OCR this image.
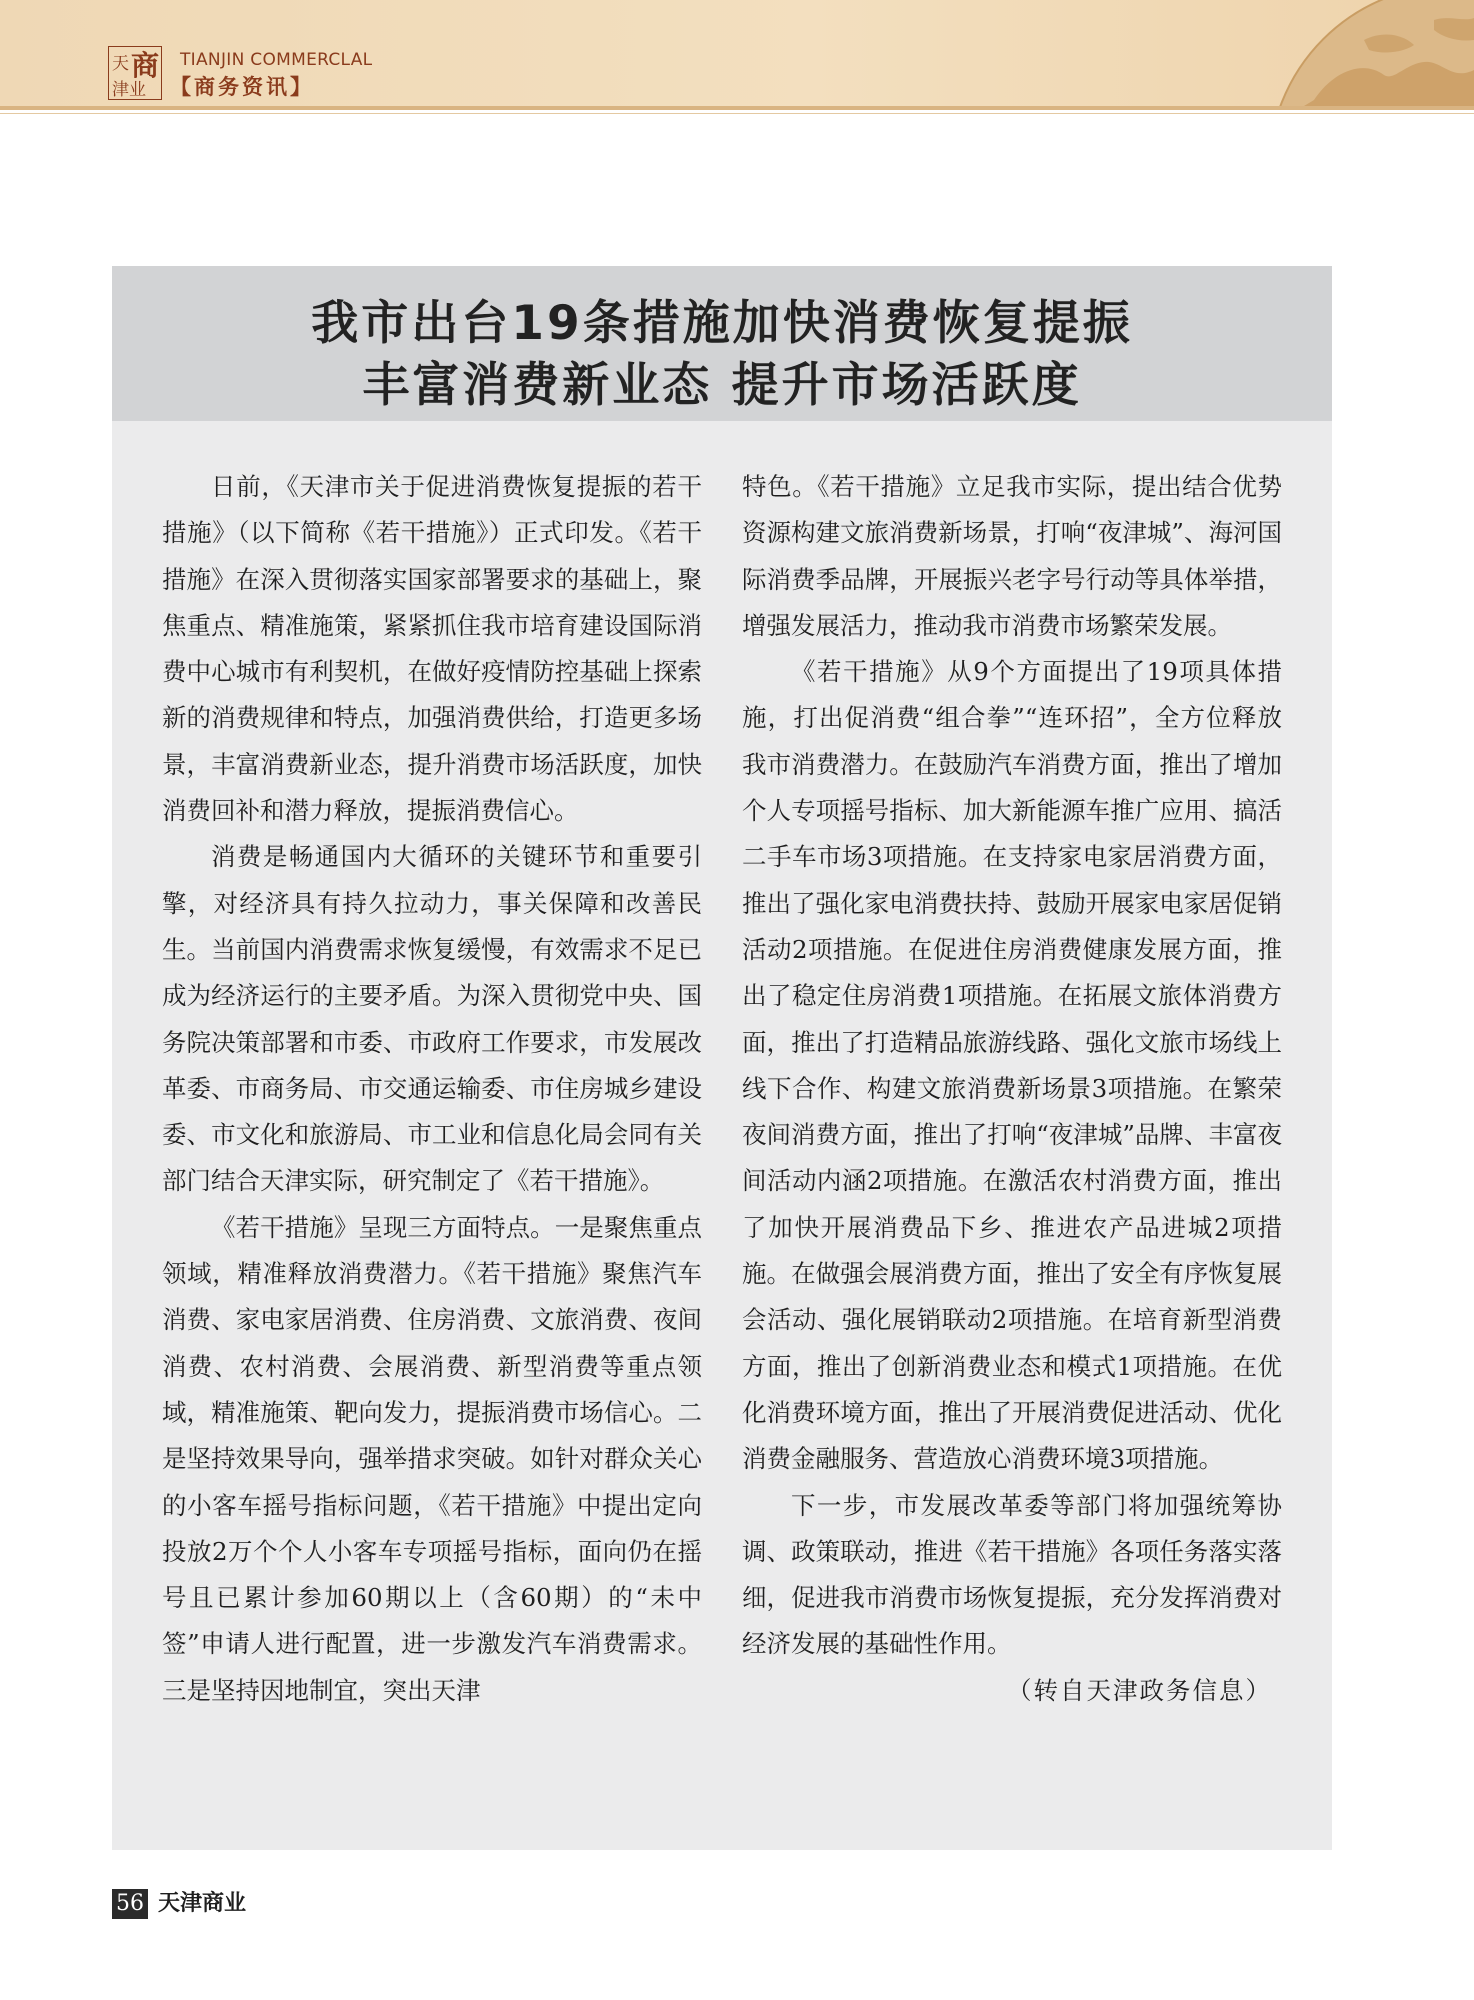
天 商
津业
TIANJIN COMMERCLAL
【商务资讯】
我市出台19条措施加快消费恢复提振
丰富消费新业态 提升市场活跃度

日前，《天津市关于促进消费恢复提振的若干措施》（以下简称《若干措施》）正式印发。《若干措施》在深入贯彻落实国家部署要求的基础上，聚焦重点、精准施策，紧紧抓住我市培育建设国际消费中心城市有利契机，在做好疫情防控基础上探索新的消费规律和特点，加强消费供给，打造更多场景，丰富消费新业态，提升消费市场活跃度，加快消费回补和潜力释放，提振消费信心。

消费是畅通国内大循环的关键环节和重要引擎，对经济具有持久拉动力，事关保障和改善民生。当前国内消费需求恢复缓慢，有效需求不足已成为经济运行的主要矛盾。为深入贯彻党中央、国务院决策部署和市委、市政府工作要求，市发展改革委、市商务局、市交通运输委、市住房城乡建设委、市文化和旅游局、市工业和信息化局会同有关部门结合天津实际，研究制定了《若干措施》。

《若干措施》呈现三方面特点。一是聚焦重点领域，精准释放消费潜力。《若干措施》聚焦汽车消费、家电家居消费、住房消费、文旅消费、夜间消费、农村消费、会展消费、新型消费等重点领域，精准施策、靶向发力，提振消费市场信心。二是坚持效果导向，强举措求突破。如针对群众关心的小客车摇号指标问题，《若干措施》中提出定向投放2万个个人小客车专项摇号指标，面向仍在摇号且已累计参加60期以上（含60期）的“未中签”申请人进行配置，进一步激发汽车消费需求。三是坚持因地制宜，突出天津

特色。《若干措施》立足我市实际，提出结合优势资源构建文旅消费新场景，打响“夜津城”、海河国际消费季品牌，开展振兴老字号行动等具体举措，增强发展活力，推动我市消费市场繁荣发展。

《若干措施》从9个方面提出了19项具体措施，打出促消费“组合拳”“连环招”，全方位释放我市消费潜力。在鼓励汽车消费方面，推出了增加个人专项摇号指标、加大新能源车推广应用、搞活二手车市场3项措施。在支持家电家居消费方面，推出了强化家电消费扶持、鼓励开展家电家居促销活动2项措施。在促进住房消费健康发展方面，推出了稳定住房消费1项措施。在拓展文旅体消费方面，推出了打造精品旅游线路、强化文旅市场线上线下合作、构建文旅消费新场景3项措施。在繁荣夜间消费方面，推出了打响“夜津城”品牌、丰富夜间活动内涵2项措施。在激活农村消费方面，推出了加快开展消费品下乡、推进农产品进城2项措施。在做强会展消费方面，推出了安全有序恢复展会活动、强化展销联动2项措施。在培育新型消费方面，推出了创新消费业态和模式1项措施。在优化消费环境方面，推出了开展消费促进活动、优化消费金融服务、营造放心消费环境3项措施。

下一步，市发展改革委等部门将加强统筹协调、政策联动，推进《若干措施》各项任务落实落细，促进我市消费市场恢复提振，充分发挥消费对经济发展的基础性作用。

（转自天津政务信息）
56 天津商业
